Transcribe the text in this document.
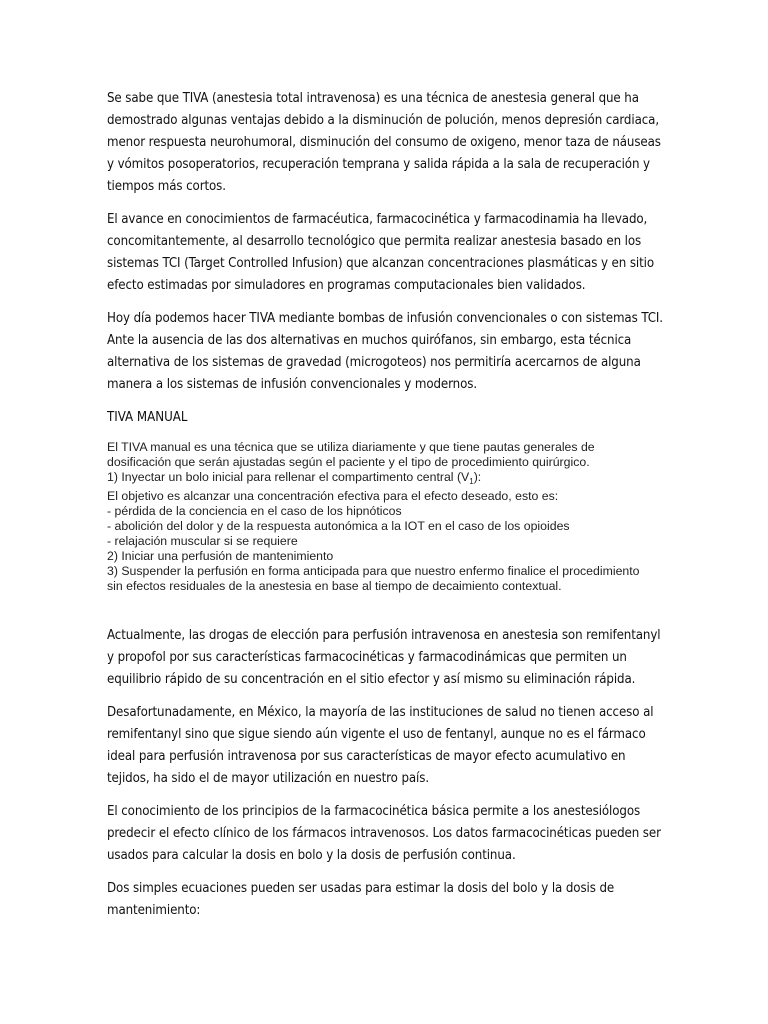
Se sabe que TIVA (anestesia total intravenosa) es una técnica de anestesia general que ha demostrado algunas ventajas debido a la disminución de polución, menos depresión cardiaca, menor respuesta neurohumoral, disminución del consumo de oxigeno, menor taza de náuseas y vómitos posoperatorios, recuperación temprana y salida rápida a la sala de recuperación y tiempos más cortos.

El avance en conocimientos de farmacéutica, farmacocinética y farmacodinamia ha llevado, concomitantemente, al desarrollo tecnológico que permita realizar anestesia basado en los sistemas TCI (Target Controlled Infusion) que alcanzan concentraciones plasmáticas y en sitio efecto estimadas por simuladores en programas computacionales bien validados.

Hoy día podemos hacer TIVA mediante bombas de infusión convencionales o con sistemas TCI. Ante la ausencia de las dos alternativas en muchos quirófanos, sin embargo, esta técnica alternativa de los sistemas de gravedad (microgoteos) nos permitiría acercarnos de alguna manera a los sistemas de infusión convencionales y modernos.

TIVA MANUAL

El TIVA manual es una técnica que se utiliza diariamente y que tiene pautas generales de
dosificación que serán ajustadas según el paciente y el tipo de procedimiento quirúrgico.
1) Inyectar un bolo inicial para rellenar el compartimento central $(V_1)$:
El objetivo es alcanzar una concentración efectiva para el efecto deseado, esto es:
- pérdida de la conciencia en el caso de los hipnóticos
- abolición del dolor y de la respuesta autonómica a la IOT en el caso de los opioides
- relajación muscular si se requiere
2) Iniciar una perfusión de mantenimiento
3) Suspender la perfusión en forma anticipada para que nuestro enfermo finalice el procedimiento
sin efectos residuales de la anestesia en base al tiempo de decaimiento contextual.

Actualmente, las drogas de elección para perfusión intravenosa en anestesia son remifentanyl y propofol por sus características farmacocinéticas y farmacodinámicas que permiten un equilibrio rápido de su concentración en el sitio efector y así mismo su eliminación rápida.

Desafortunadamente, en México, la mayoría de las instituciones de salud no tienen acceso al remifentanyl sino que sigue siendo aún vigente el uso de fentanyl, aunque no es el fármaco ideal para perfusión intravenosa por sus características de mayor efecto acumulativo en tejidos, ha sido el de mayor utilización en nuestro país.

El conocimiento de los principios de la farmacocinética básica permite a los anestesiólogos predecir el efecto clínico de los fármacos intravenosos. Los datos farmacocinéticas pueden ser usados para calcular la dosis en bolo y la dosis de perfusión continua.

Dos simples ecuaciones pueden ser usadas para estimar la dosis del bolo y la dosis de mantenimiento:
